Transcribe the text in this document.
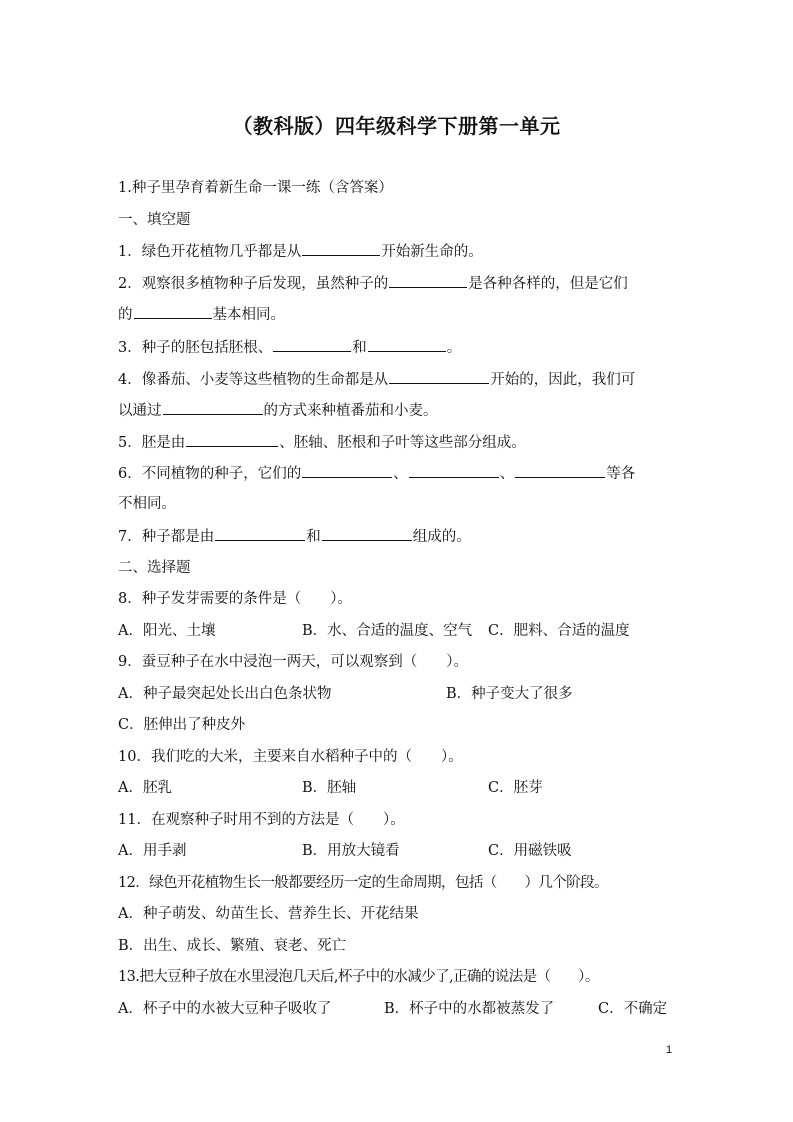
（教科版）四年级科学下册第一单元
1.种子里孕育着新生命一课一练（含答案）
一、填空题
1．绿色开花植物几乎都是从	开始新生命的。
2．观察很多植物种子后发现，虽然种子的	是各种各样的，但是它们
的	基本相同。
3．种子的胚包括胚根、	和	。
4．像番茄、小麦等这些植物的生命都是从	开始的，因此，我们可
以通过	的方式来种植番茄和小麦。
5．胚是由	、胚轴、胚根和子叶等这些部分组成。
6．不同植物的种子，它们的	、	、	等各
不相同。
7．种子都是由	和	组成的。
二、选择题
8．种子发芽需要的条件是（　　）。
A．阳光、土壤	B．水、合适的温度、空气 C．肥料、合适的温度
9．蚕豆种子在水中浸泡一两天，可以观察到（　　）。
A．种子最突起处长出白色条状物	B．种子变大了很多
C．胚伸出了种皮外
10．我们吃的大米，主要来自水稻种子中的（　　）。
A．胚乳	B．胚轴	C．胚芽
11．在观察种子时用不到的方法是（　　）。
A．用手剥	B．用放大镜看	C．用磁铁吸
12．绿色开花植物生长一般都要经历一定的生命周期，包括（　　）几个阶段。
A．种子萌发、幼苗生长、营养生长、开花结果
B．出生、成长、繁殖、衰老、死亡
13.把大豆种子放在水里浸泡几天后,杯子中的水减少了,正确的说法是（　　）。
A．杯子中的水被大豆种子吸收了	B．杯子中的水都被蒸发了	C．不确定
1
